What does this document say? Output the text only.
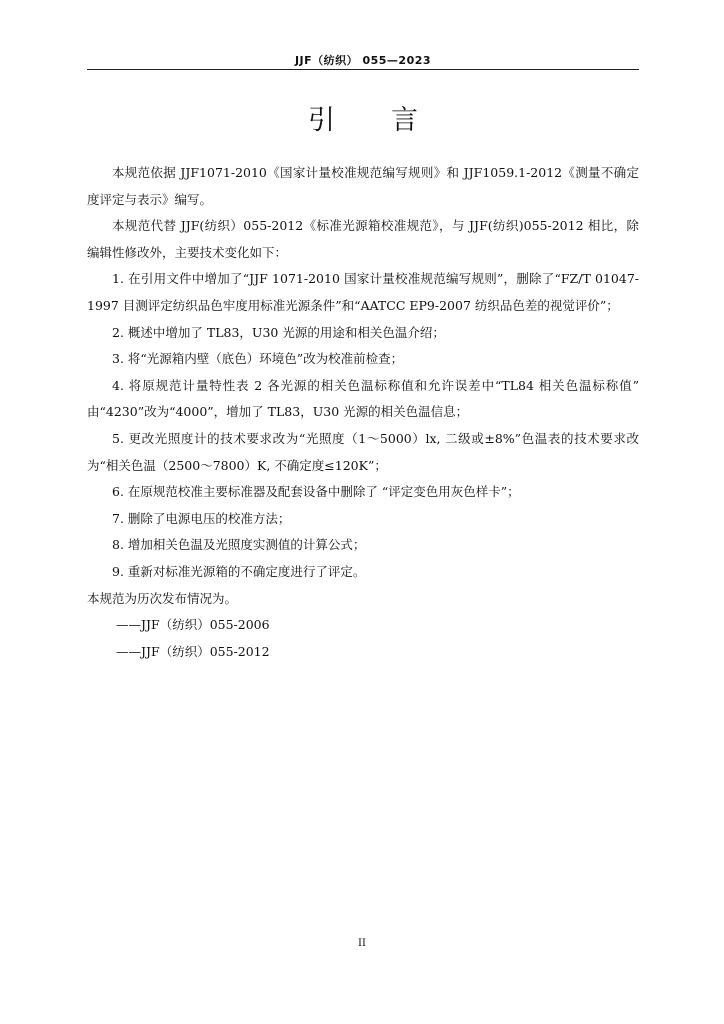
JJF（纺织） 055—2023
引言

本规范依据 JJF1071-2010《国家计量校准规范编写规则》和 JJF1059.1-2012《测量不确定度评定与表示》编写。

本规范代替 JJF(纺织）055-2012《标准光源箱校准规范》，与 JJF(纺织)055-2012 相比，除编辑性修改外，主要技术变化如下：

1. 在引用文件中增加了“JJF 1071-2010 国家计量校准规范编写规则”，删除了“FZ/T 01047-1997 目测评定纺织品色牢度用标准光源条件”和“AATCC EP9-2007 纺织品色差的视觉评价”；

2. 概述中增加了 TL83，U30 光源的用途和相关色温介绍；

3. 将“光源箱内壁（底色）环境色”改为校准前检查；

4. 将原规范计量特性表 2 各光源的相关色温标称值和允许误差中“TL84 相关色温标称值” 由“4230”改为“4000”，增加了 TL83，U30 光源的相关色温信息；

5. 更改光照度计的技术要求改为“光照度（1～5000）lx, 二级或±8%”色温表的技术要求改为“相关色温（2500～7800）K, 不确定度≤120K”；

6. 在原规范校准主要标准器及配套设备中删除了 “评定变色用灰色样卡”；

7. 删除了电源电压的校准方法；

8. 增加相关色温及光照度实测值的计算公式；

9. 重新对标准光源箱的不确定度进行了评定。

本规范为历次发布情况为。

——JJF（纺织）055-2006

——JJF（纺织）055-2012

II
